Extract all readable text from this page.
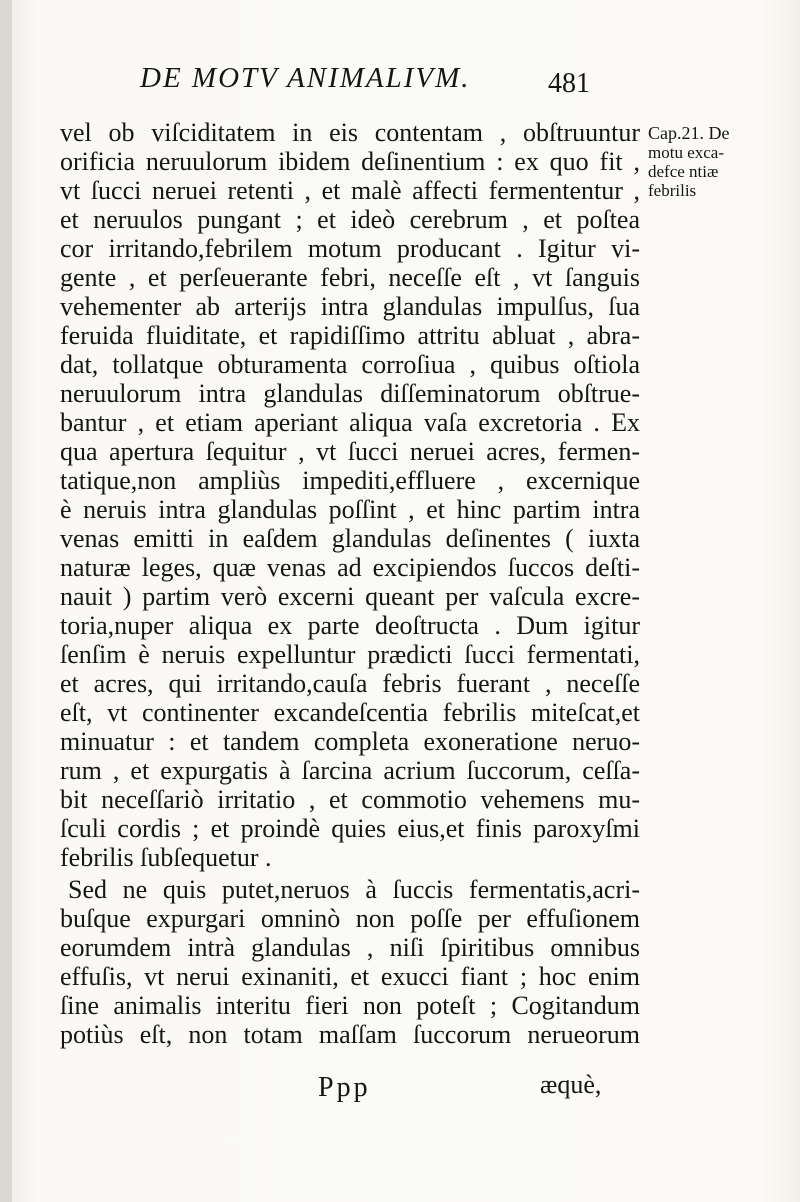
DE MOTV ANIMALIVM.	481
vel ob viſciditatem in eis contentam , obſtruuntur
orificia neruulorum ibidem deſinentium : ex quo fit ,
vt ſucci neruei retenti , et malè affecti fermententur ,
et neruulos pungant ; et ideò cerebrum , et poſtea
cor irritando,febrilem motum producant . Igitur vi-
gente , et perſeuerante febri, neceſſe eſt , vt ſanguis
vehementer ab arterijs intra glandulas impulſus, ſua
feruida fluiditate, et rapidiſſimo attritu abluat , abra-
dat, tollatque obturamenta corroſiua , quibus oſtiola
neruulorum intra glandulas diſſeminatorum obſtrue-
bantur , et etiam aperiant aliqua vaſa excretoria . Ex
qua apertura ſequitur , vt ſucci neruei acres, fermen-
tatique,non ampliùs impediti,effluere , excernique
è neruis intra glandulas poſſint , et hinc partim intra
venas emitti in eaſdem glandulas deſinentes ( iuxta
naturæ leges, quæ venas ad excipiendos ſuccos deſti-
nauit ) partim verò excerni queant per vaſcula excre-
toria,nuper aliqua ex parte deoſtructa . Dum igitur
ſenſim è neruis expelluntur prædicti ſucci fermentati,
et acres, qui irritando,cauſa febris fuerant , neceſſe
eſt, vt continenter excandeſcentia febrilis miteſcat,et
minuatur : et tandem completa exoneratione neruo-
rum , et expurgatis à ſarcina acrium ſuccorum, ceſſa-
bit neceſſariò irritatio , et commotio vehemens mu-
ſculi cordis ; et proindè quies eius,et finis paroxyſmi
febrilis ſubſequetur .
Sed ne quis putet,neruos à ſuccis fermentatis,acri-
buſque expurgari omninò non poſſe per effuſionem
eorumdem intrà glandulas , niſi ſpiritibus omnibus
effuſis, vt nerui exinaniti, et exucci fiant ; hoc enim
ſine animalis interitu fieri non poteſt ; Cogitandum
potiùs eſt, non totam maſſam ſuccorum nerueorum
Cap.21. De
motu exca-
defce ntiæ
febrilis
Ppp	æquè,
